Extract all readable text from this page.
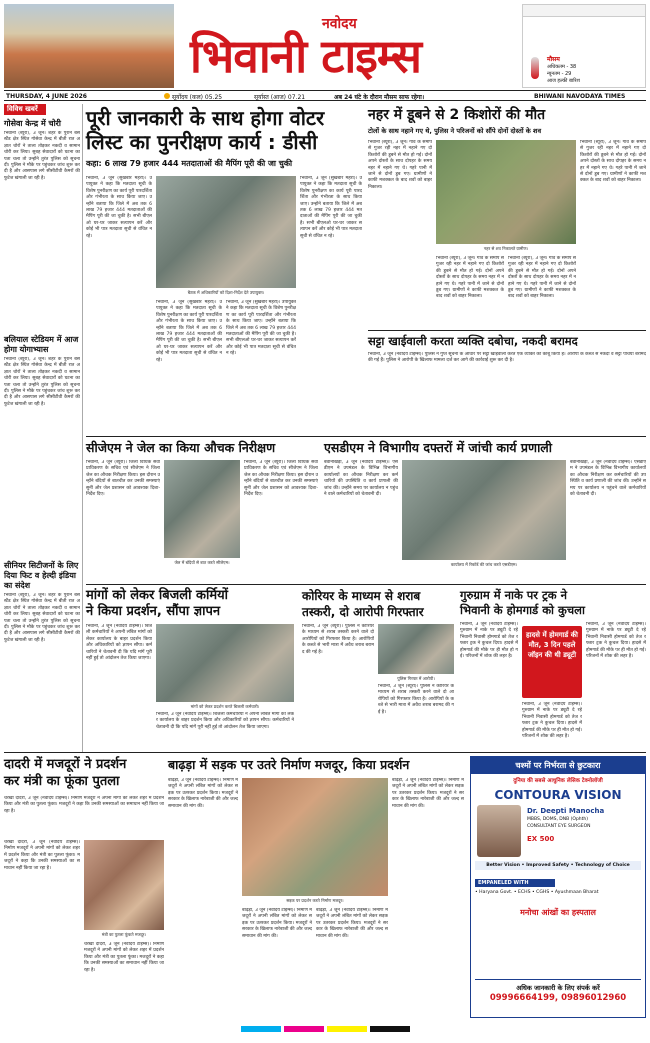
नवोदय
भिवानी टाइम्स	मौसम
अधिकतम - 38
न्यूनतम - 29
आज हल्की बारिश
THURSDAY, 4 JUNE 2026	सूर्योदय (कल) 05.25	सूर्यास्त (आज) 07.21	अब 24 घंटे के दौरान मौसम साफ रहेगा।	BHIWANI NAVODAYA TIMES
विविध खबरें
गोसेवा केन्द्र में चोरी
भिवानी (ब्यूरो), 3 जून। शहर के पुराने बस स्टैंड क्षेत्र स्थित गोसेवा केन्द्र में बीती रात अज्ञात चोरों ने ताला तोड़कर नकदी व सामान चोरी कर लिया। सुबह सेवादारों को घटना का पता चला तो उन्होंने तुरंत पुलिस को सूचना दी। पुलिस ने मौके पर पहुंचकर जांच शुरू कर दी है और आसपास लगे सीसीटीवी कैमरों की फुटेज खंगाली जा रही है।
बलियाल स्टेडियम में आज होगा योगाभ्यास
भिवानी (ब्यूरो), 3 जून। शहर के पुराने बस स्टैंड क्षेत्र स्थित गोसेवा केन्द्र में बीती रात अज्ञात चोरों ने ताला तोड़कर नकदी व सामान चोरी कर लिया। सुबह सेवादारों को घटना का पता चला तो उन्होंने तुरंत पुलिस को सूचना दी। पुलिस ने मौके पर पहुंचकर जांच शुरू कर दी है और आसपास लगे सीसीटीवी कैमरों की फुटेज खंगाली जा रही है।
सीनियर सिटीजनों के लिए दिया फिट व हेल्दी इंडिया का संदेश
भिवानी (ब्यूरो), 3 जून। शहर के पुराने बस स्टैंड क्षेत्र स्थित गोसेवा केन्द्र में बीती रात अज्ञात चोरों ने ताला तोड़कर नकदी व सामान चोरी कर लिया। सुबह सेवादारों को घटना का पता चला तो उन्होंने तुरंत पुलिस को सूचना दी। पुलिस ने मौके पर पहुंचकर जांच शुरू कर दी है और आसपास लगे सीसीटीवी कैमरों की फुटेज खंगाली जा रही है।
पूरी जानकारी के साथ होगा वोटर
लिस्ट का पुनरीक्षण कार्य : डीसी
कहा: 6 लाख 79 हजार 444 मतदाताओं की मैपिंग पूरी की जा चुकी
भिवानी, 3 जून (सुखबीर मेहरा)। उपायुक्त ने कहा कि मतदाता सूची के विशेष पुनरीक्षण का कार्य पूरी पारदर्शिता और गंभीरता के साथ किया जाए। उन्होंने बताया कि जिले में अब तक 6 लाख 79 हजार 444 मतदाताओं की मैपिंग पूरी की जा चुकी है। सभी बीएलओ घर-घर जाकर सत्यापन करें और कोई भी पात्र मतदाता सूची से वंचित न रहे।
बैठक में अधिकारियों को दिशा-निर्देश देते उपायुक्त।
भिवानी, 3 जून (सुखबीर मेहरा)। उपायुक्त ने कहा कि मतदाता सूची के विशेष पुनरीक्षण का कार्य पूरी पारदर्शिता और गंभीरता के साथ किया जाए। उन्होंने बताया कि जिले में अब तक 6 लाख 79 हजार 444 मतदाताओं की मैपिंग पूरी की जा चुकी है। सभी बीएलओ घर-घर जाकर सत्यापन करें और कोई भी पात्र मतदाता सूची से वंचित न रहे।
भिवानी, 3 जून (सुखबीर मेहरा)। उपायुक्त ने कहा कि मतदाता सूची के विशेष पुनरीक्षण का कार्य पूरी पारदर्शिता और गंभीरता के साथ किया जाए। उन्होंने बताया कि जिले में अब तक 6 लाख 79 हजार 444 मतदाताओं की मैपिंग पूरी की जा चुकी है। सभी बीएलओ घर-घर जाकर सत्यापन करें और कोई भी पात्र मतदाता सूची से वंचित न रहे।
भिवानी, 3 जून (सुखबीर मेहरा)। उपायुक्त ने कहा कि मतदाता सूची के विशेष पुनरीक्षण का कार्य पूरी पारदर्शिता और गंभीरता के साथ किया जाए। उन्होंने बताया कि जिले में अब तक 6 लाख 79 हजार 444 मतदाताओं की मैपिंग पूरी की जा चुकी है। सभी बीएलओ घर-घर जाकर सत्यापन करें और कोई भी पात्र मतदाता सूची से वंचित न रहे।
नहर में डूबने से 2 किशोरों की मौत
टोलों के साथ नहाने गए थे, पुलिस ने परिजनों को सौंपे दोनों दोस्तों के शव
भिवानी (ब्यूरो), 3 जून। गांव के समीप से गुजर रही नहर में नहाने गए दो किशोरों की डूबने से मौत हो गई। दोनों अपने दोस्तों के साथ दोपहर के समय नहर में नहाने गए थे। गहरे पानी में जाने से दोनों डूब गए। ग्रामीणों ने काफी मशक्कत के बाद शवों को बाहर निकाला।
नहर से शव निकालते ग्रामीण।
भिवानी (ब्यूरो), 3 जून। गांव के समीप से गुजर रही नहर में नहाने गए दो किशोरों की डूबने से मौत हो गई। दोनों अपने दोस्तों के साथ दोपहर के समय नहर में नहाने गए थे। गहरे पानी में जाने से दोनों डूब गए। ग्रामीणों ने काफी मशक्कत के बाद शवों को बाहर निकाला।
भिवानी (ब्यूरो), 3 जून। गांव के समीप से गुजर रही नहर में नहाने गए दो किशोरों की डूबने से मौत हो गई। दोनों अपने दोस्तों के साथ दोपहर के समय नहर में नहाने गए थे। गहरे पानी में जाने से दोनों डूब गए। ग्रामीणों ने काफी मशक्कत के बाद शवों को बाहर निकाला।
भिवानी (ब्यूरो), 3 जून। गांव के समीप से गुजर रही नहर में नहाने गए दो किशोरों की डूबने से मौत हो गई। दोनों अपने दोस्तों के साथ दोपहर के समय नहर में नहाने गए थे। गहरे पानी में जाने से दोनों डूब गए। ग्रामीणों ने काफी मशक्कत के बाद शवों को बाहर निकाला।
सट्टा खाईवाली करता व्यक्ति दबोचा, नकदी बरामद
भिवानी, 3 जून (नवोदय टाइम्स)। पुलिस ने गुप्त सूचना के आधार पर सट्टा खाईवाली करते एक व्यक्ति को काबू किया है। आरोपी के कब्जे से नकदी व सट्टा पर्चियां बरामद की गई हैं। पुलिस ने आरोपी के खिलाफ मामला दर्ज कर आगे की कार्रवाई शुरू कर दी है।
सीजेएम ने जेल का किया औचक निरीक्षण
भिवानी, 3 जून (ब्यूरो)। जिला विधिक सेवा प्राधिकरण के सचिव एवं सीजेएम ने जिला जेल का औचक निरीक्षण किया। इस दौरान उन्होंने बंदियों से बातचीत कर उनकी समस्याएं सुनीं और जेल प्रशासन को आवश्यक दिशा-निर्देश दिए।
जेल में बंदियों से बात करते सीजेएम।
भिवानी, 3 जून (ब्यूरो)। जिला विधिक सेवा प्राधिकरण के सचिव एवं सीजेएम ने जिला जेल का औचक निरीक्षण किया। इस दौरान उन्होंने बंदियों से बातचीत कर उनकी समस्याएं सुनीं और जेल प्रशासन को आवश्यक दिशा-निर्देश दिए।
एसडीएम ने विभागीय दफ्तरों में जांची कार्य प्रणाली
बवानीखेड़ा, 3 जून (नवोदय टाइम्स)। एसडीएम ने उपमंडल के विभिन्न विभागीय कार्यालयों का औचक निरीक्षण कर कर्मचारियों की उपस्थिति व कार्य प्रणाली की जांच की। उन्होंने समय पर कार्यालय न पहुंचने वाले कर्मचारियों को चेतावनी दी।
कार्यालय में रिकॉर्ड की जांच करते एसडीएम।
बवानीखेड़ा, 3 जून (नवोदय टाइम्स)। एसडीएम ने उपमंडल के विभिन्न विभागीय कार्यालयों का औचक निरीक्षण कर कर्मचारियों की उपस्थिति व कार्य प्रणाली की जांच की। उन्होंने समय पर कार्यालय न पहुंचने वाले कर्मचारियों को चेतावनी दी।
मांगों को लेकर बिजली कर्मियों
ने किया प्रदर्शन, सौंपा ज्ञापन
भिवानी, 3 जून (नवोदय टाइम्स)। बिजली कर्मचारियों ने अपनी लंबित मांगों को लेकर कार्यालय के बाहर प्रदर्शन किया और अधिकारियों को ज्ञापन सौंपा। कर्मचारियों ने चेतावनी दी कि यदि मांगें पूरी नहीं हुई तो आंदोलन तेज किया जाएगा।
मांगों को लेकर प्रदर्शन करते बिजली कर्मचारी।
भिवानी, 3 जून (नवोदय टाइम्स)। बिजली कर्मचारियों ने अपनी लंबित मांगों को लेकर कार्यालय के बाहर प्रदर्शन किया और अधिकारियों को ज्ञापन सौंपा। कर्मचारियों ने चेतावनी दी कि यदि मांगें पूरी नहीं हुई तो आंदोलन तेज किया जाएगा।
कोरियर के माध्यम से शराब
तस्करी, दो आरोपी गिरफ्तार
पुलिस गिरफ्त में आरोपी।
भिवानी, 3 जून (ब्यूरो)। पुलिस ने कोरियर के माध्यम से शराब तस्करी करने वाले दो आरोपियों को गिरफ्तार किया है। आरोपियों के कब्जे से भारी मात्रा में अवैध शराब बरामद की गई है।
भिवानी, 3 जून (ब्यूरो)। पुलिस ने कोरियर के माध्यम से शराब तस्करी करने वाले दो आरोपियों को गिरफ्तार किया है। आरोपियों के कब्जे से भारी मात्रा में अवैध शराब बरामद की गई है।
गुरुग्राम में नाके पर ट्रक ने
भिवानी के होमगार्ड को कुचला
भिवानी, 3 जून (नवोदय टाइम्स)। गुरुग्राम में नाके पर ड्यूटी दे रहे भिवानी निवासी होमगार्ड को तेज रफ्तार ट्रक ने कुचल दिया। हादसे में होमगार्ड की मौके पर ही मौत हो गई। परिजनों में शोक की लहर है।
हादसे में होमगार्ड की मौत, 3 दिन पहले जॉइन की थी ड्यूटी
भिवानी, 3 जून (नवोदय टाइम्स)। गुरुग्राम में नाके पर ड्यूटी दे रहे भिवानी निवासी होमगार्ड को तेज रफ्तार ट्रक ने कुचल दिया। हादसे में होमगार्ड की मौके पर ही मौत हो गई। परिजनों में शोक की लहर है।
भिवानी, 3 जून (नवोदय टाइम्स)। गुरुग्राम में नाके पर ड्यूटी दे रहे भिवानी निवासी होमगार्ड को तेज रफ्तार ट्रक ने कुचल दिया। हादसे में होमगार्ड की मौके पर ही मौत हो गई। परिजनों में शोक की लहर है।
दादरी में मजदूरों ने प्रदर्शन
कर मंत्री का फूंका पुतला
चरखी दादरी, 3 जून (नवोदय टाइम्स)। निर्माण मजदूरों ने अपनी मांगों को लेकर शहर में प्रदर्शन किया और मंत्री का पुतला फूंका। मजदूरों ने कहा कि उनकी समस्याओं का समाधान नहीं किया जा रहा है।
चरखी दादरी, 3 जून (नवोदय टाइम्स)। निर्माण मजदूरों ने अपनी मांगों को लेकर शहर में प्रदर्शन किया और मंत्री का पुतला फूंका। मजदूरों ने कहा कि उनकी समस्याओं का समाधान नहीं किया जा रहा है।
मंत्री का पुतला फूंकते मजदूर।
चरखी दादरी, 3 जून (नवोदय टाइम्स)। निर्माण मजदूरों ने अपनी मांगों को लेकर शहर में प्रदर्शन किया और मंत्री का पुतला फूंका। मजदूरों ने कहा कि उनकी समस्याओं का समाधान नहीं किया जा रहा है।
बाढ़ड़ा में सड़क पर उतरे निर्माण मजदूर, किया प्रदर्शन
बाढ़ड़ा, 3 जून (नवोदय टाइम्स)। निर्माण मजदूरों ने अपनी लंबित मांगों को लेकर सड़क पर उतरकर प्रदर्शन किया। मजदूरों ने सरकार के खिलाफ नारेबाजी की और जल्द समाधान की मांग की।
सड़क पर प्रदर्शन करते निर्माण मजदूर।
बाढ़ड़ा, 3 जून (नवोदय टाइम्स)। निर्माण मजदूरों ने अपनी लंबित मांगों को लेकर सड़क पर उतरकर प्रदर्शन किया। मजदूरों ने सरकार के खिलाफ नारेबाजी की और जल्द समाधान की मांग की।
बाढ़ड़ा, 3 जून (नवोदय टाइम्स)। निर्माण मजदूरों ने अपनी लंबित मांगों को लेकर सड़क पर उतरकर प्रदर्शन किया। मजदूरों ने सरकार के खिलाफ नारेबाजी की और जल्द समाधान की मांग की।
बाढ़ड़ा, 3 जून (नवोदय टाइम्स)। निर्माण मजदूरों ने अपनी लंबित मांगों को लेकर सड़क पर उतरकर प्रदर्शन किया। मजदूरों ने सरकार के खिलाफ नारेबाजी की और जल्द समाधान की मांग की।
चश्मों पर निर्भरता से छुटकारा
दुनिया की सबसे आधुनिक लेसिक टेक्नोलॉजी
CONTOURA VISION
Dr. Deepti Manocha
MBBS, DOMS, DNB (Ophth)
CONSULTANT EYE SURGEON
EX 500
Better Vision • Improved Safety • Technology of Choice
EMPANELED WITH
• Haryana Govt. • ECHS • CGHS • Ayushmaan Bharat
मनोचा आंखों का हस्पताल
अधिक जानकारी के लिए संपर्क करें
09996664199, 09896012960
